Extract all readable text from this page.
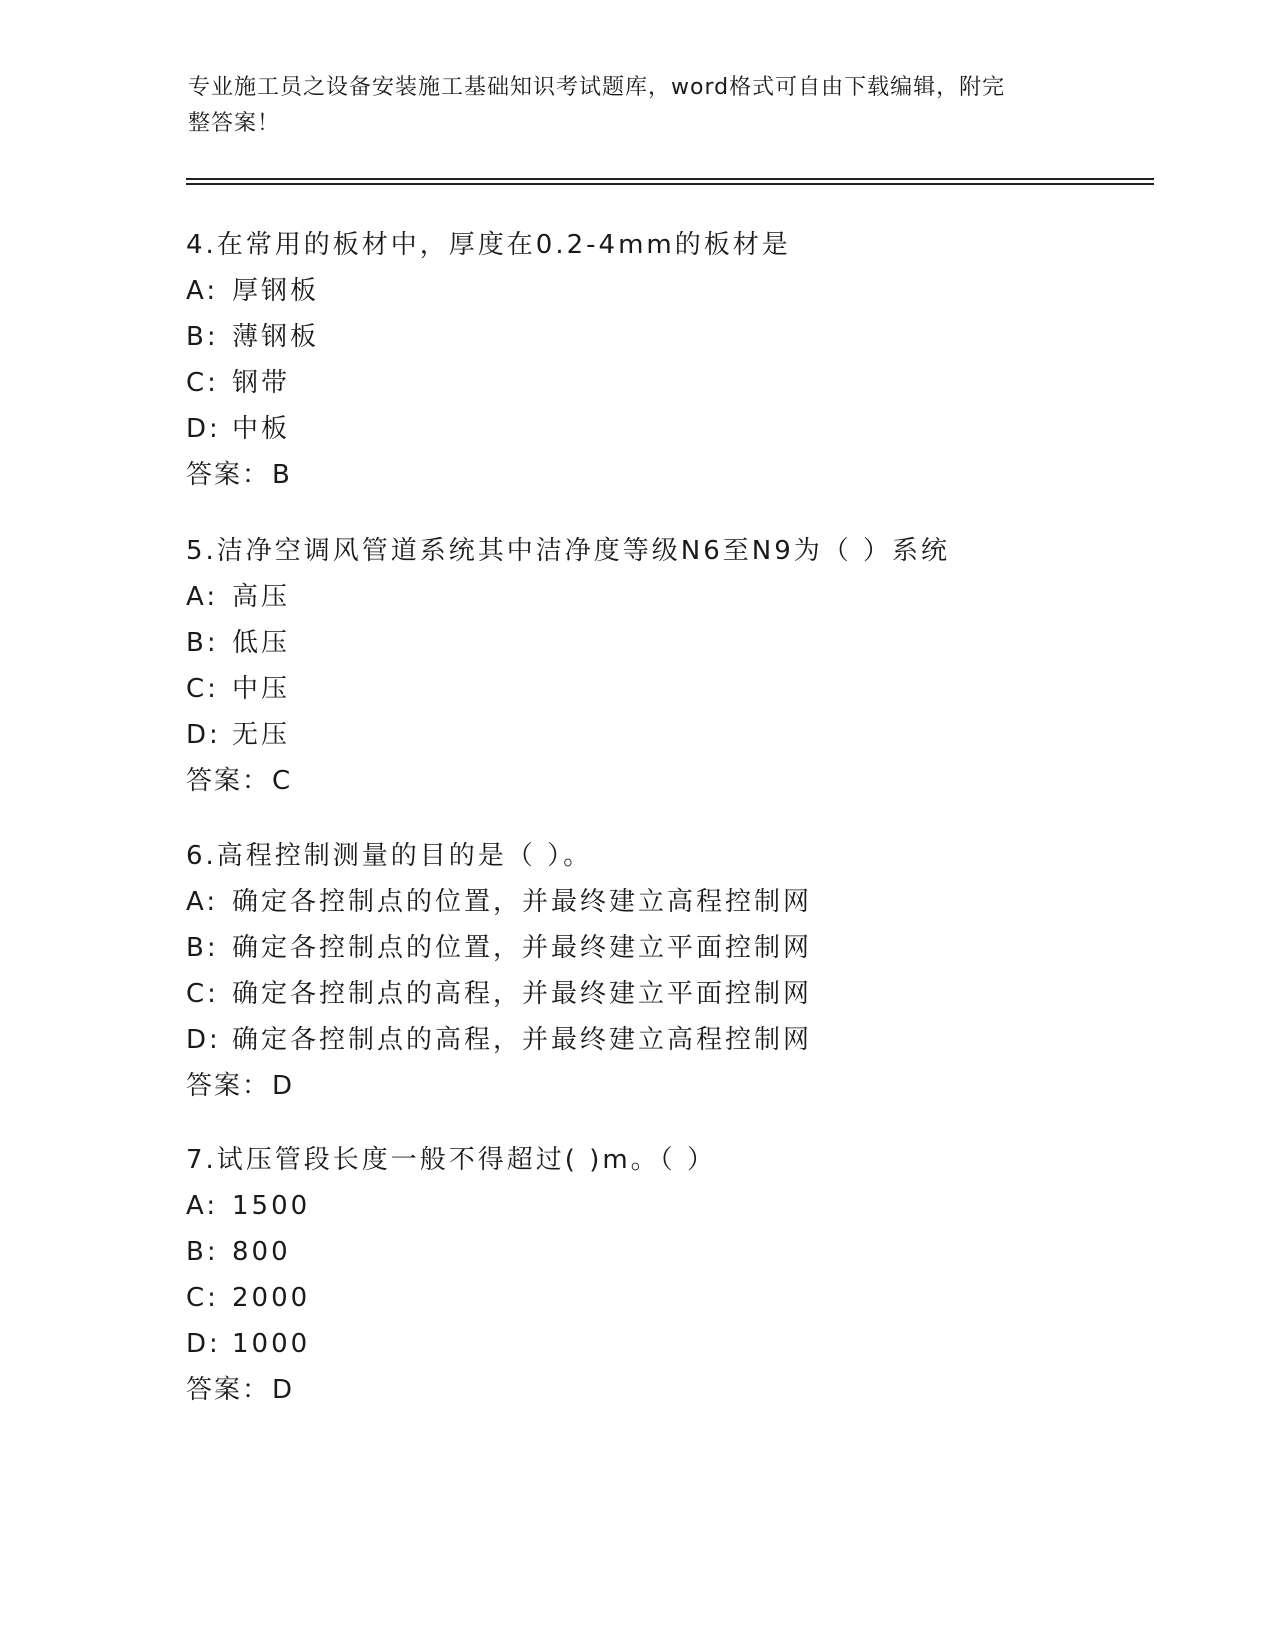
专业施工员之设备安装施工基础知识考试题库，word格式可自由下载编辑，附完
整答案！
4.在常用的板材中，厚度在0.2-4mm的板材是
A: 厚钢板
B: 薄钢板
C: 钢带
D: 中板
答案：B
5.洁净空调风管道系统其中洁净度等级N6至N9为（ ）系统
A: 高压
B: 低压
C: 中压
D: 无压
答案：C
6.高程控制测量的目的是（ ）。
A: 确定各控制点的位置，并最终建立高程控制网
B: 确定各控制点的位置，并最终建立平面控制网
C: 确定各控制点的高程，并最终建立平面控制网
D: 确定各控制点的高程，并最终建立高程控制网
答案：D
7.试压管段长度一般不得超过( )m。（ ）
A: 1500
B: 800
C: 2000
D: 1000
答案：D
